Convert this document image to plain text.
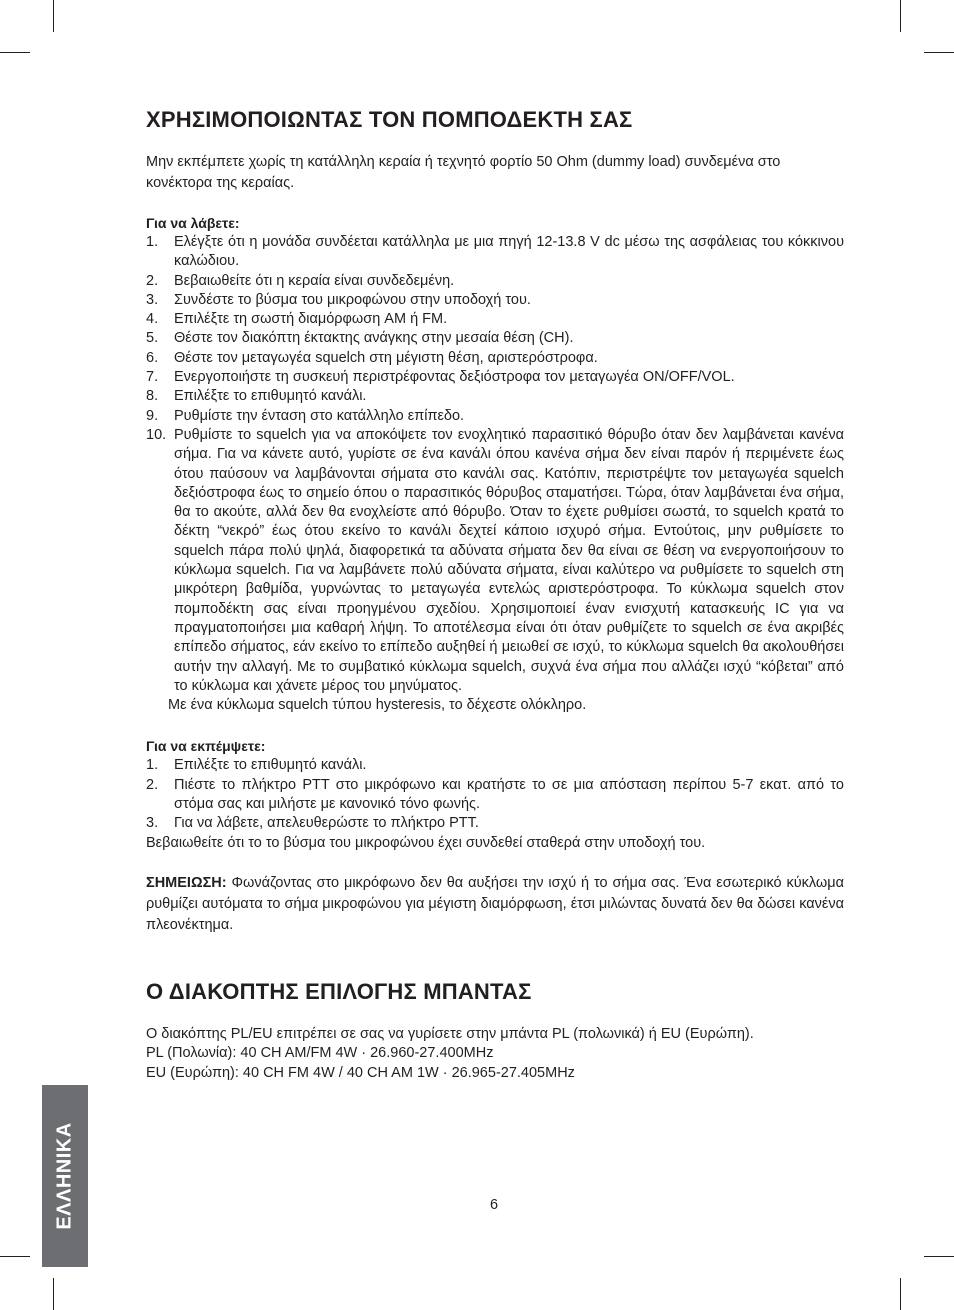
ΧΡΗΣΙΜΟΠΟΙΩΝΤΑΣ ΤΟΝ ΠΟΜΠΟΔΕΚΤΗ ΣΑΣ

Μην εκπέμπετε χωρίς τη κατάλληλη κεραία ή τεχνητό φορτίο 50 Ohm (dummy load) συνδεμένα στο κονέκτορα της κεραίας.

Για να λάβετε:
1. Ελέγξτε ότι η μονάδα συνδέεται κατάλληλα με μια πηγή 12-13.8 V dc μέσω της ασφάλειας του κόκκινου καλώδιου.
2. Βεβαιωθείτε ότι η κεραία είναι συνδεδεμένη.
3. Συνδέστε το βύσμα του μικροφώνου στην υποδοχή του.
4. Επιλέξτε τη σωστή διαμόρφωση AM ή FM.
5. Θέστε τον διακόπτη έκτακτης ανάγκης στην μεσαία θέση (CH).
6. Θέστε τον μεταγωγέα squelch στη μέγιστη θέση, αριστερόστροφα.
7. Ενεργοποιήστε τη συσκευή περιστρέφοντας δεξιόστροφα τον μεταγωγέα ON/OFF/VOL.
8. Επιλέξτε το επιθυμητό κανάλι.
9. Ρυθμίστε την ένταση στο κατάλληλο επίπεδο.
10. Ρυθμίστε το squelch για να αποκόψετε τον ενοχλητικό παρασιτικό θόρυβο όταν δεν λαμβάνεται κανένα σήμα. Για να κάνετε αυτό, γυρίστε σε ένα κανάλι όπου κανένα σήμα δεν είναι παρόν ή περιμένετε έως ότου παύσουν να λαμβάνονται σήματα στο κανάλι σας. Κατόπιν, περιστρέψτε τον μεταγωγέα squelch δεξιόστροφα έως το σημείο όπου ο παρασιτικός θόρυβος σταματήσει. Τώρα, όταν λαμβάνεται ένα σήμα, θα το ακούτε, αλλά δεν θα ενοχλείστε από θόρυβο. Όταν το έχετε ρυθμίσει σωστά, το squelch κρατά το δέκτη “νεκρό” έως ότου εκείνο το κανάλι δεχτεί κάποιο ισχυρό σήμα. Εντούτοις, μην ρυθμίσετε το squelch πάρα πολύ ψηλά, διαφορετικά τα αδύνατα σήματα δεν θα είναι σε θέση να ενεργοποιήσουν το κύκλωμα squelch. Για να λαμβάνετε πολύ αδύνατα σήματα, είναι καλύτερο να ρυθμίσετε το squelch στη μικρότερη βαθμίδα, γυρνώντας το μεταγωγέα εντελώς αριστερόστροφα. Το κύκλωμα squelch στον πομποδέκτη σας είναι προηγμένου σχεδίου. Χρησιμοποιεί έναν ενισχυτή κατασκευής IC για να πραγματοποιήσει μια καθαρή λήψη. Το αποτέλεσμα είναι ότι όταν ρυθμίζετε το squelch σε ένα ακριβές επίπεδο σήματος, εάν εκείνο το επίπεδο αυξηθεί ή μειωθεί σε ισχύ, το κύκλωμα squelch θα ακολουθήσει αυτήν την αλλαγή. Με το συμβατικό κύκλωμα squelch, συχνά ένα σήμα που αλλάζει ισχύ “κόβεται” από το κύκλωμα και χάνετε μέρος του μηνύματος.

Με ένα κύκλωμα squelch τύπου hysteresis, το δέχεστε ολόκληρο.

Για να εκπέμψετε:
1. Επιλέξτε το επιθυμητό κανάλι.
2. Πιέστε το πλήκτρο PTT στο μικρόφωνο και κρατήστε το σε μια απόσταση περίπου 5-7 εκατ. από το στόμα σας και μιλήστε με κανονικό τόνο φωνής.
3. Για να λάβετε, απελευθερώστε το πλήκτρο PTT.

Βεβαιωθείτε ότι το το βύσμα του μικροφώνου έχει συνδεθεί σταθερά στην υποδοχή του.

ΣΗΜΕΙΩΣΗ: Φωνάζοντας στο μικρόφωνο δεν θα αυξήσει την ισχύ ή το σήμα σας. Ένα εσωτερικό κύκλωμα ρυθμίζει αυτόματα το σήμα μικροφώνου για μέγιστη διαμόρφωση, έτσι μιλώντας δυνατά δεν θα δώσει κανένα πλεονέκτημα.

Ο ΔΙΑΚΟΠΤΗΣ ΕΠΙΛΟΓΗΣ ΜΠΑΝΤΑΣ

Ο διακόπτης PL/EU επιτρέπει σε σας να γυρίσετε στην μπάντα PL (πολωνικά) ή EU (Ευρώπη).

PL (Πολωνία): 40 CH AM/FM 4W · 26.960-27.400MHz

EU (Ευρώπη): 40 CH FM 4W / 40 CH AM 1W · 26.965-27.405MHz

ΕΛΛΗΝΙΚΑ	6
